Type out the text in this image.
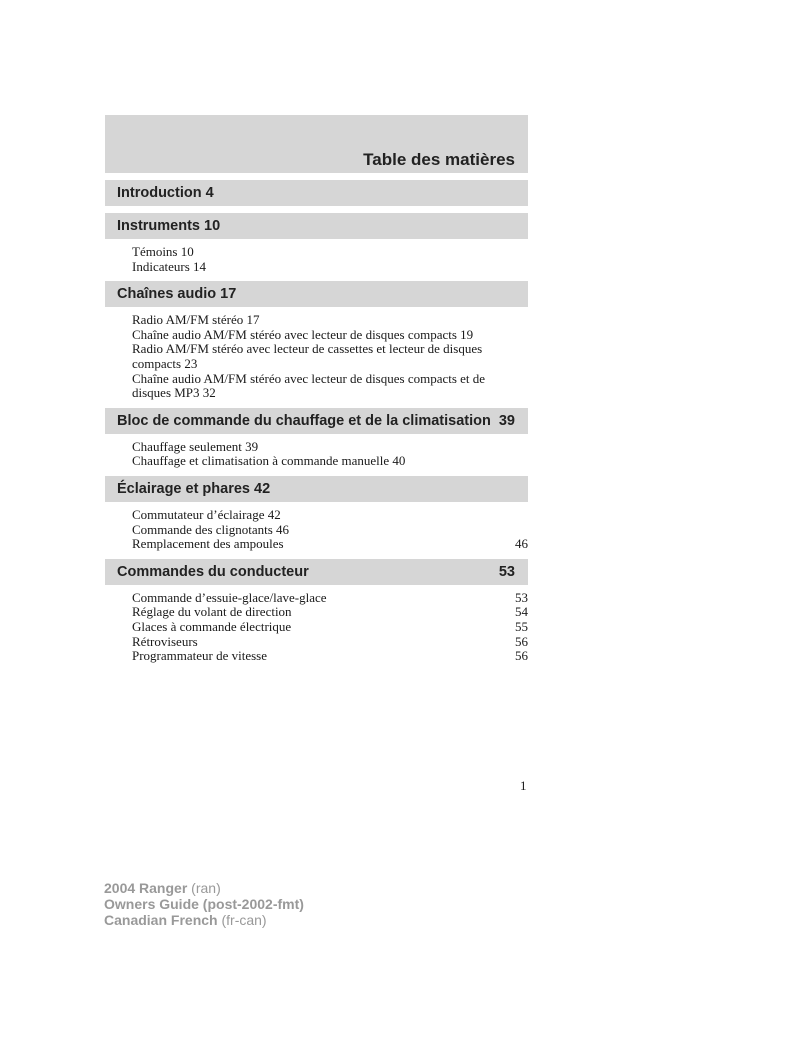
Table des matières
Introduction 4
Instruments 10
Témoins 10
Indicateurs 14
Chaînes audio 17
Radio AM/FM stéréo 17
Chaîne audio AM/FM stéréo avec lecteur de disques compacts 19
Radio AM/FM stéréo avec lecteur de cassettes et lecteur de disques compacts 23
Chaîne audio AM/FM stéréo avec lecteur de disques compacts et de disques MP3 32
Bloc de commande du chauffage et de la climatisation 39
Chauffage seulement 39
Chauffage et climatisation à commande manuelle 40
Éclairage et phares 42
Commutateur d’éclairage 42
Commande des clignotants 46
Remplacement des ampoules	46
Commandes du conducteur	53
Commande d’essuie-glace/lave-glace	53
Réglage du volant de direction	54
Glaces à commande électrique	55
Rétroviseurs	56
Programmateur de vitesse	56
1
2004 Ranger (ran)
Owners Guide (post-2002-fmt)
Canadian French (fr-can)
